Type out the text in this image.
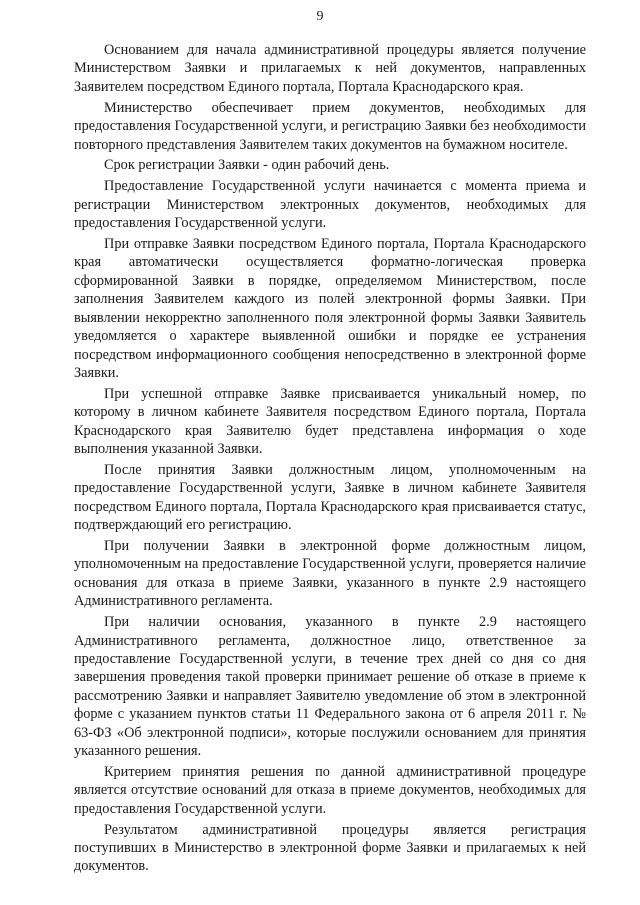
9

Основанием для начала административной процедуры является получение Министерством Заявки и прилагаемых к ней документов, направленных Заявителем посредством Единого портала, Портала Краснодарского края.

Министерство обеспечивает прием документов, необходимых для предоставления Государственной услуги, и регистрацию Заявки без необходимости повторного представления Заявителем таких документов на бумажном носителе.

Срок регистрации Заявки - один рабочий день.

Предоставление Государственной услуги начинается с момента приема и регистрации Министерством электронных документов, необходимых для предоставления Государственной услуги.

При отправке Заявки посредством Единого портала, Портала Краснодарского края автоматически осуществляется форматно-логическая проверка сформированной Заявки в порядке, определяемом Министерством, после заполнения Заявителем каждого из полей электронной формы Заявки. При выявлении некорректно заполненного поля электронной формы Заявки Заявитель уведомляется о характере выявленной ошибки и порядке ее устранения посредством информационного сообщения непосредственно в электронной форме Заявки.

При успешной отправке Заявке присваивается уникальный номер, по которому в личном кабинете Заявителя посредством Единого портала, Портала Краснодарского края Заявителю будет представлена информация о ходе выполнения указанной Заявки.

После принятия Заявки должностным лицом, уполномоченным на предоставление Государственной услуги, Заявке в личном кабинете Заявителя посредством Единого портала, Портала Краснодарского края присваивается статус, подтверждающий его регистрацию.

При получении Заявки в электронной форме должностным лицом, уполномоченным на предоставление Государственной услуги, проверяется наличие основания для отказа в приеме Заявки, указанного в пункте 2.9 настоящего Административного регламента.

При наличии основания, указанного в пункте 2.9 настоящего Административного регламента, должностное лицо, ответственное за предоставление Государственной услуги, в течение трех дней со дня со дня завершения проведения такой проверки принимает решение об отказе в приеме к рассмотрению Заявки и направляет Заявителю уведомление об этом в электронной форме с указанием пунктов статьи 11 Федерального закона от 6 апреля 2011 г. № 63-ФЗ «Об электронной подписи», которые послужили основанием для принятия указанного решения.

Критерием принятия решения по данной административной процедуре является отсутствие оснований для отказа в приеме документов, необходимых для предоставления Государственной услуги.

Результатом административной процедуры является регистрация поступивших в Министерство в электронной форме Заявки и прилагаемых к ней документов.
